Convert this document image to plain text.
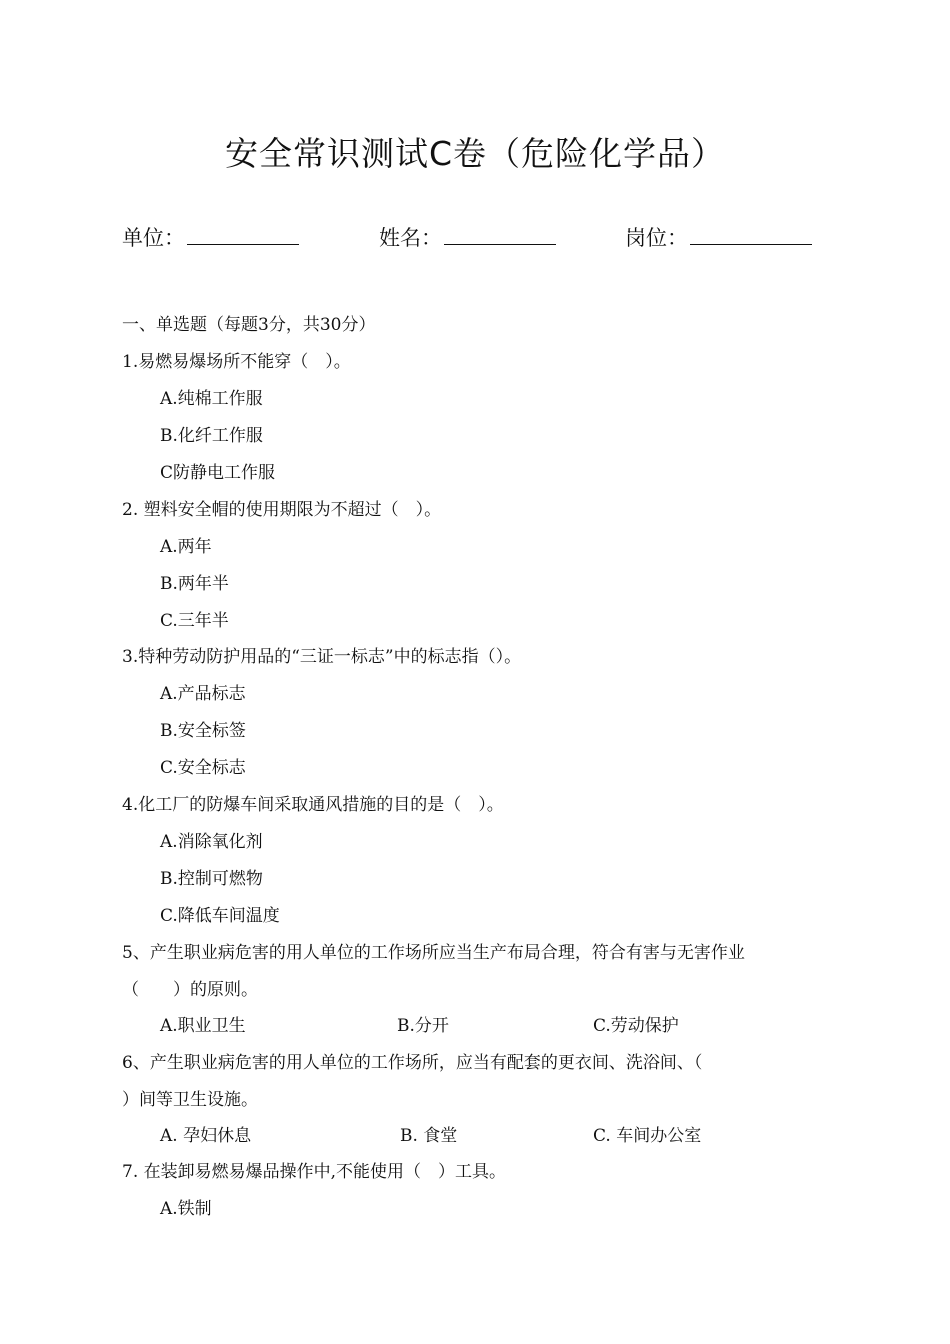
安全常识测试C卷（危险化学品）
单位：	姓名：	岗位：
一、单选题（每题3分，共30分）
1.易燃易爆场所不能穿（　）。
A.纯棉工作服
B.化纤工作服
C防静电工作服
2. 塑料安全帽的使用期限为不超过（　）。
A.两年
B.两年半
C.三年半
3.特种劳动防护用品的“三证一标志”中的标志指（）。
A.产品标志
B.安全标签
C.安全标志
4.化工厂的防爆车间采取通风措施的目的是（　）。
A.消除氧化剂
B.控制可燃物
C.降低车间温度
5、产生职业病危害的用人单位的工作场所应当生产布局合理，符合有害与无害作业
（　　）的原则。
A.职业卫生	B.分开	C.劳动保护
6、产生职业病危害的用人单位的工作场所，应当有配套的更衣间、洗浴间、（
）间等卫生设施。
A. 孕妇休息	B. 食堂	C. 车间办公室
7. 在装卸易燃易爆品操作中,不能使用（　）工具。
A.铁制
